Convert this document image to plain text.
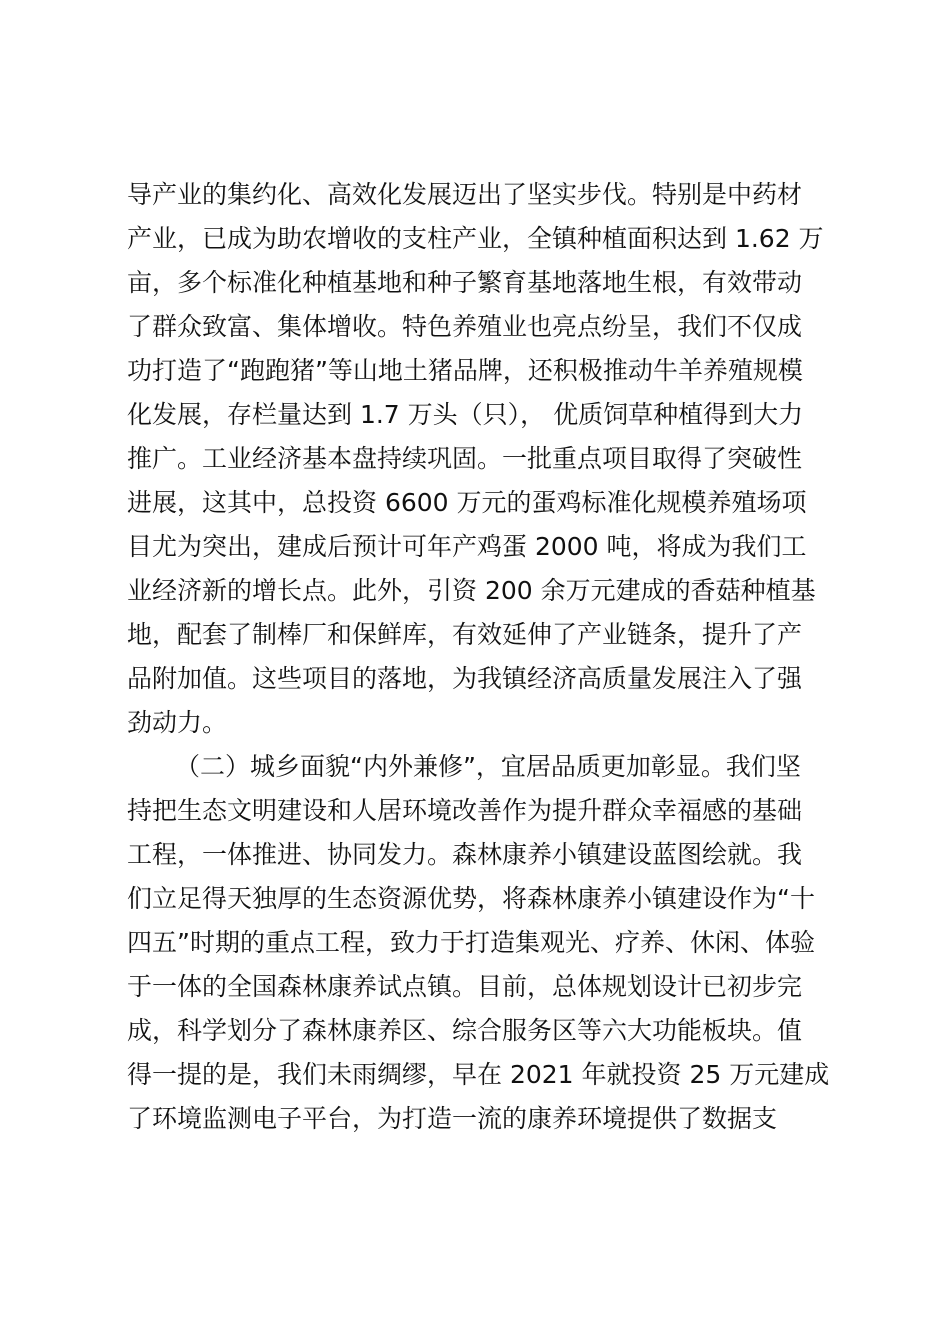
导产业的集约化、高效化发展迈出了坚实步伐。特别是中药材
产业，已成为助农增收的支柱产业，全镇种植面积达到 1.62 万
亩，多个标准化种植基地和种子繁育基地落地生根，有效带动
了群众致富、集体增收。特色养殖业也亮点纷呈，我们不仅成
功打造了“跑跑猪”等山地土猪品牌，还积极推动牛羊养殖规模
化发展，存栏量达到 1.7 万头（只）， 优质饲草种植得到大力
推广。工业经济基本盘持续巩固。一批重点项目取得了突破性
进展，这其中，总投资 6600 万元的蛋鸡标准化规模养殖场项
目尤为突出，建成后预计可年产鸡蛋 2000 吨，将成为我们工
业经济新的增长点。此外，引资 200 余万元建成的香菇种植基
地，配套了制棒厂和保鲜库，有效延伸了产业链条，提升了产
品附加值。这些项目的落地，为我镇经济高质量发展注入了强
劲动力。
（二）城乡面貌“内外兼修”，宜居品质更加彰显。我们坚
持把生态文明建设和人居环境改善作为提升群众幸福感的基础
工程，一体推进、协同发力。森林康养小镇建设蓝图绘就。我
们立足得天独厚的生态资源优势，将森林康养小镇建设作为“十
四五”时期的重点工程，致力于打造集观光、疗养、休闲、体验
于一体的全国森林康养试点镇。目前，总体规划设计已初步完
成，科学划分了森林康养区、综合服务区等六大功能板块。值
得一提的是，我们未雨绸缪，早在 2021 年就投资 25 万元建成
了环境监测电子平台，为打造一流的康养环境提供了数据支
